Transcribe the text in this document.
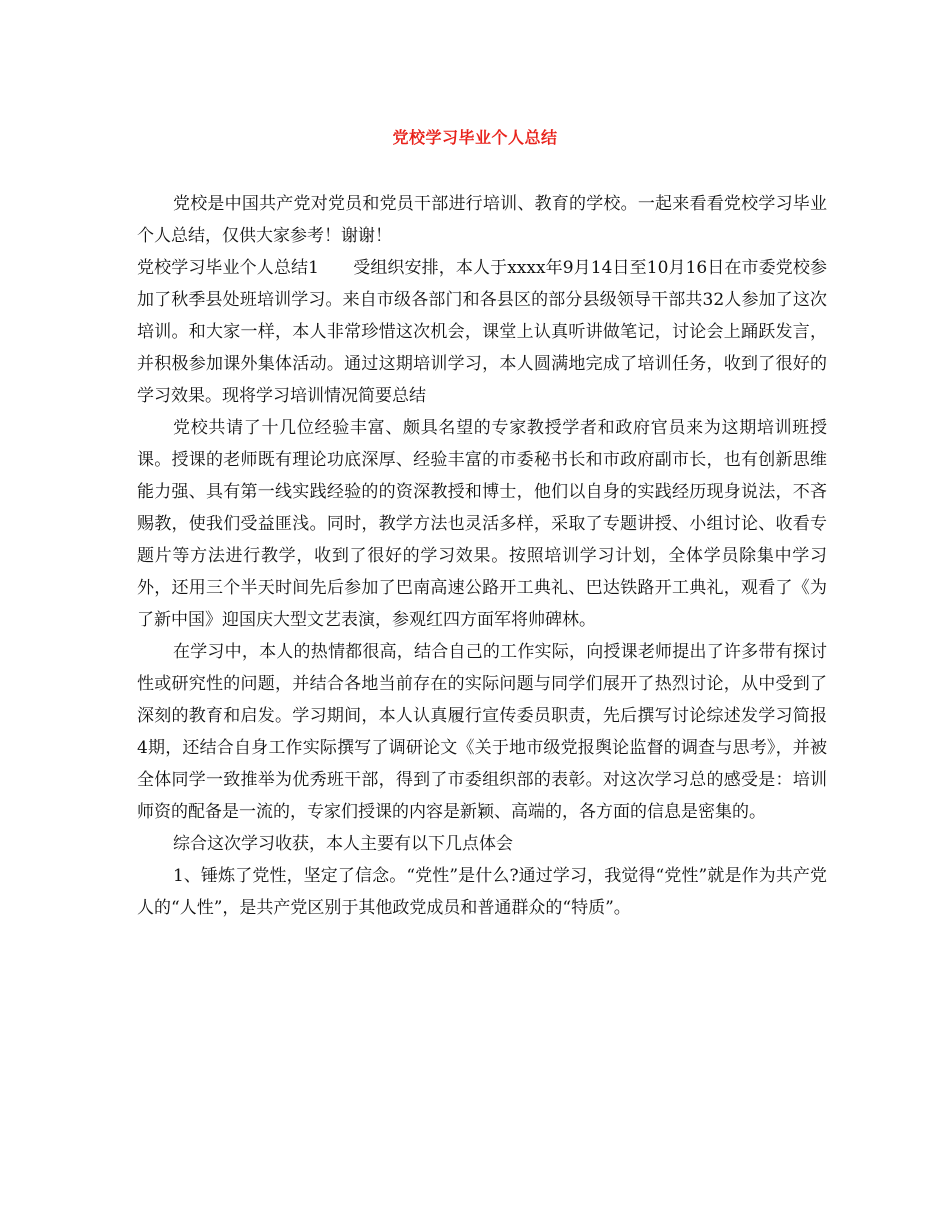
党校学习毕业个人总结

党校是中国共产党对党员和党员干部进行培训、教育的学校。一起来看看党校学习毕业个人总结，仅供大家参考！谢谢！

党校学习毕业个人总结1　　受组织安排，本人于xxxx年9月14日至10月16日在市委党校参加了秋季县处班培训学习。来自市级各部门和各县区的部分县级领导干部共32人参加了这次培训。和大家一样，本人非常珍惜这次机会，课堂上认真听讲做笔记，讨论会上踊跃发言，并积极参加课外集体活动。通过这期培训学习，本人圆满地完成了培训任务，收到了很好的学习效果。现将学习培训情况简要总结

党校共请了十几位经验丰富、颇具名望的专家教授学者和政府官员来为这期培训班授课。授课的老师既有理论功底深厚、经验丰富的市委秘书长和市政府副市长，也有创新思维能力强、具有第一线实践经验的的资深教授和博士，他们以自身的实践经历现身说法，不吝赐教，使我们受益匪浅。同时，教学方法也灵活多样，采取了专题讲授、小组讨论、收看专题片等方法进行教学，收到了很好的学习效果。按照培训学习计划，全体学员除集中学习外，还用三个半天时间先后参加了巴南高速公路开工典礼、巴达铁路开工典礼，观看了《为了新中国》迎国庆大型文艺表演，参观红四方面军将帅碑林。

在学习中，本人的热情都很高，结合自己的工作实际，向授课老师提出了许多带有探讨性或研究性的问题，并结合各地当前存在的实际问题与同学们展开了热烈讨论，从中受到了深刻的教育和启发。学习期间，本人认真履行宣传委员职责，先后撰写讨论综述发学习简报4期，还结合自身工作实际撰写了调研论文《关于地市级党报舆论监督的调查与思考》，并被全体同学一致推举为优秀班干部，得到了市委组织部的表彰。对这次学习总的感受是：培训师资的配备是一流的，专家们授课的内容是新颖、高端的，各方面的信息是密集的。

综合这次学习收获，本人主要有以下几点体会

1、锤炼了党性，坚定了信念。“党性”是什么?通过学习，我觉得“党性”就是作为共产党人的“人性”，是共产党区别于其他政党成员和普通群众的“特质”。
